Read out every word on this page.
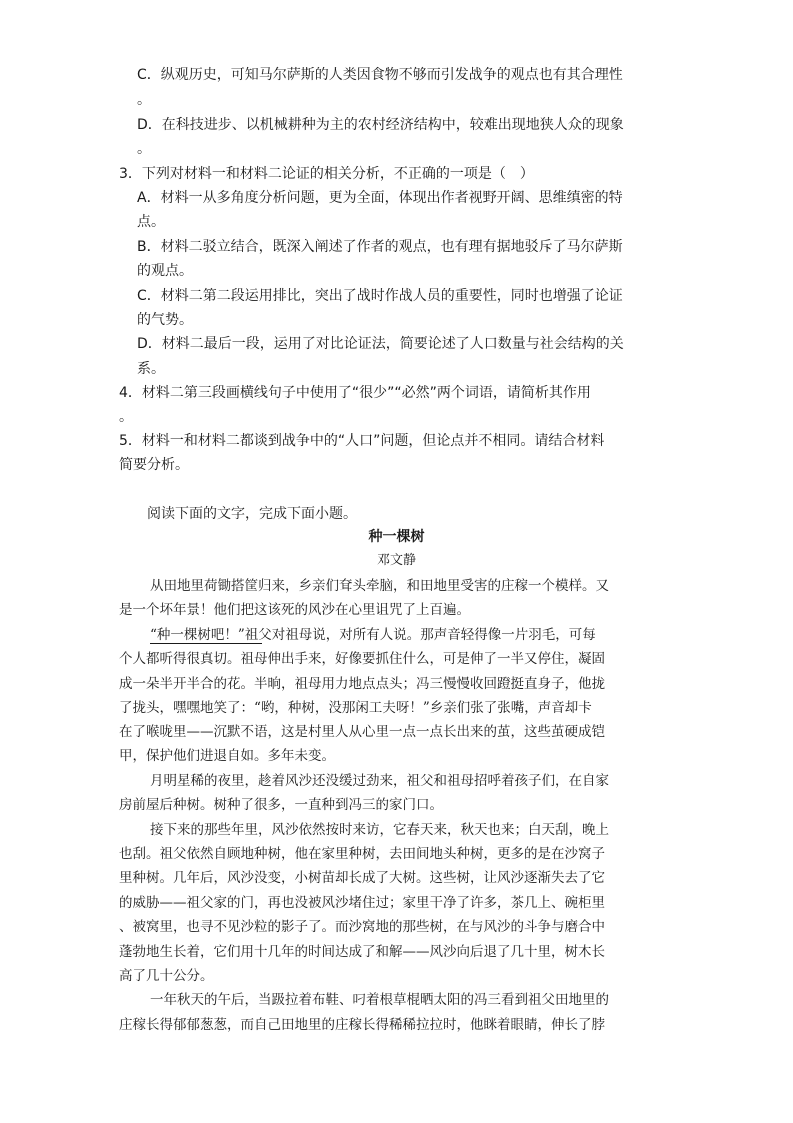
C．纵观历史，可知马尔萨斯的人类因食物不够而引发战争的观点也有其合理性
。
D．在科技进步、以机械耕种为主的农村经济结构中，较难出现地狭人众的现象
。
3．下列对材料一和材料二论证的相关分析，不正确的一项是（　）
A．材料一从多角度分析问题，更为全面，体现出作者视野开阔、思维缜密的特
点。
B．材料二驳立结合，既深入阐述了作者的观点，也有理有据地驳斥了马尔萨斯
的观点。
C．材料二第二段运用排比，突出了战时作战人员的重要性，同时也增强了论证
的气势。
D．材料二最后一段，运用了对比论证法，简要论述了人口数量与社会结构的关
系。
4．材料二第三段画横线句子中使用了“很少”“必然”两个词语，请简析其作用
。
5．材料一和材料二都谈到战争中的“人口”问题，但论点并不相同。请结合材料
简要分析。
阅读下面的文字，完成下面小题。
种一棵树
邓文静
从田地里荷锄搭筐归来，乡亲们耷头牵脑，和田地里受害的庄稼一个模样。又
是一个坏年景！他们把这该死的风沙在心里诅咒了上百遍。
“种一棵树吧！”祖父对祖母说，对所有人说。那声音轻得像一片羽毛，可每
个人都听得很真切。祖母伸出手来，好像要抓住什么，可是伸了一半又停住，凝固
成一朵半开半合的花。半晌，祖母用力地点点头；冯三慢慢收回蹬挺直身子，他拢
了拢头，嘿嘿地笑了：“哟，种树，没那闲工夫呀！”乡亲们张了张嘴，声音却卡
在了喉咙里——沉默不语，这是村里人从心里一点一点长出来的茧，这些茧硬成铠
甲，保护他们进退自如。多年未变。
月明星稀的夜里，趁着风沙还没缓过劲来，祖父和祖母招呼着孩子们，在自家
房前屋后种树。树种了很多，一直种到冯三的家门口。
接下来的那些年里，风沙依然按时来访，它春天来，秋天也来；白天刮，晚上
也刮。祖父依然自顾地种树，他在家里种树，去田间地头种树，更多的是在沙窝子
里种树。几年后，风沙没变，小树苗却长成了大树。这些树，让风沙逐渐失去了它
的威胁——祖父家的门，再也没被风沙堵住过；家里干净了许多，茶几上、碗柜里
、被窝里，也寻不见沙粒的影子了。而沙窝地的那些树，在与风沙的斗争与磨合中
蓬勃地生长着，它们用十几年的时间达成了和解——风沙向后退了几十里，树木长
高了几十公分。
一年秋天的午后，当趿拉着布鞋、叼着根草棍晒太阳的冯三看到祖父田地里的
庄稼长得郁郁葱葱，而自己田地里的庄稼长得稀稀拉拉时，他眯着眼睛，伸长了脖
